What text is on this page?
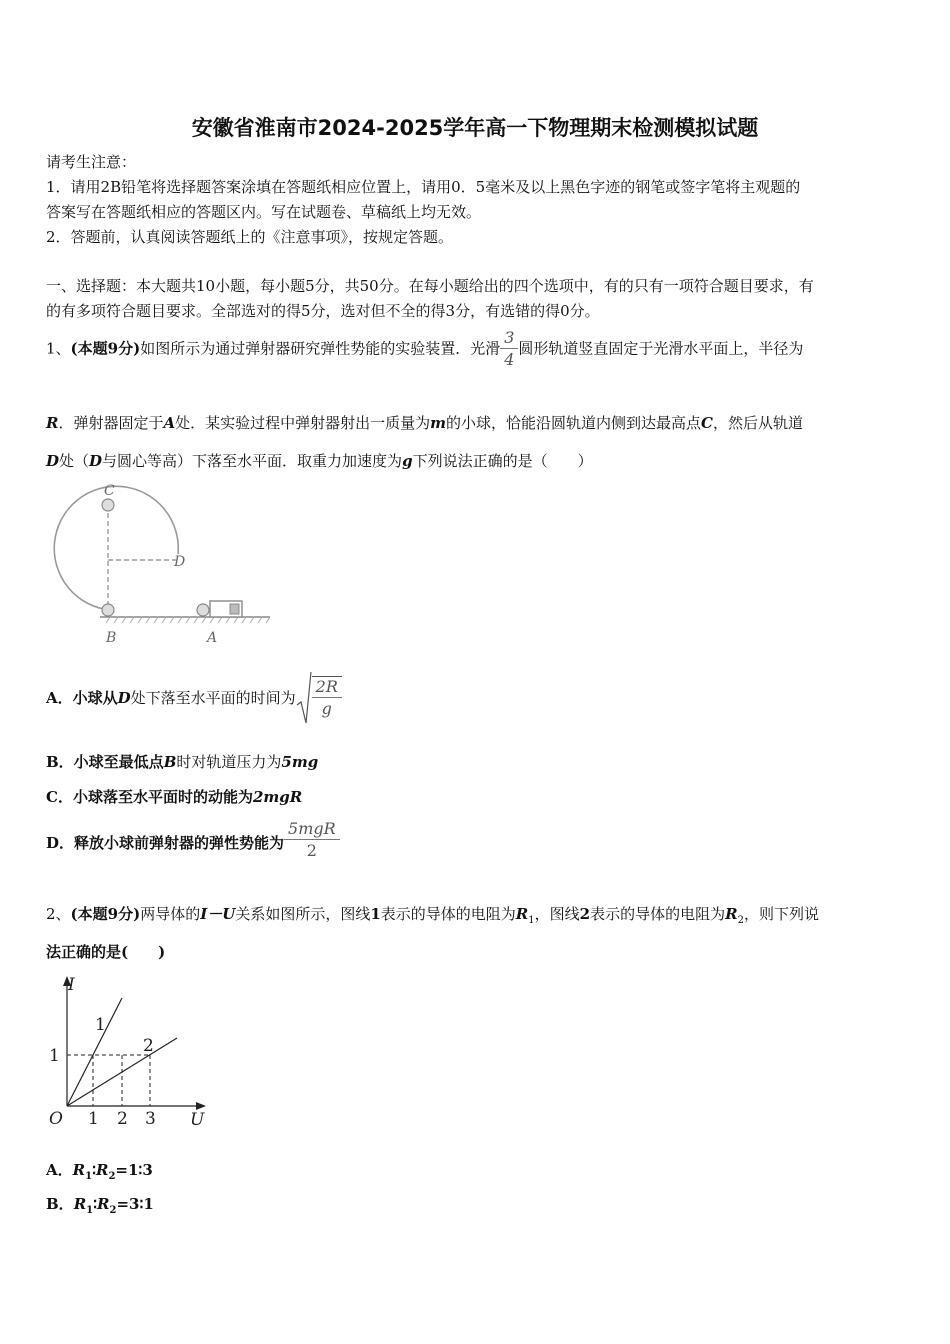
安徽省淮南市2024-2025学年高一下物理期末检测模拟试题
请考生注意：
1．请用2B铅笔将选择题答案涂填在答题纸相应位置上，请用0．5毫米及以上黑色字迹的钢笔或签字笔将主观题的
答案写在答题纸相应的答题区内。写在试题卷、草稿纸上均无效。
2．答题前，认真阅读答题纸上的《注意事项》，按规定答题。
一、选择题：本大题共10小题，每小题5分，共50分。在每小题给出的四个选项中，有的只有一项符合题目要求，有
的有多项符合题目要求。全部选对的得5分，选对但不全的得3分，有选错的得0分。
1、(本题9分)如图所示为通过弹射器研究弹性势能的实验装置．光滑 $\frac{3}{4}$ 圆形轨道竖直固定于光滑水平面上，半径为
R．弹射器固定于A处．某实验过程中弹射器射出一质量为m的小球，恰能沿圆轨道内侧到达最高点C，然后从轨道
D处（D与圆心等高）下落至水平面．取重力加速度为g下列说法正确的是（　　）
C
D
B	A
A．小球从 D 处下落至水平面的时间为 $\frac{2R}{g}$
B．小球至最低点B时对轨道压力为5mg
C．小球落至水平面时的动能为2mgR
D．释放小球前弹射器的弹性势能为 $\frac{\text{5mgR}}{2}$
2、(本题9分)两导体的I－U关系如图所示，图线1表示的导体的电阻为$R_1$，图线2表示的导体的电阻为$R_2$，则下列说
法正确的是(　　)
I
U
O
1
2
1
1 2 3
A．$R_1∶R_2=1∶3$
B．$R_1∶R_2=3∶1$
